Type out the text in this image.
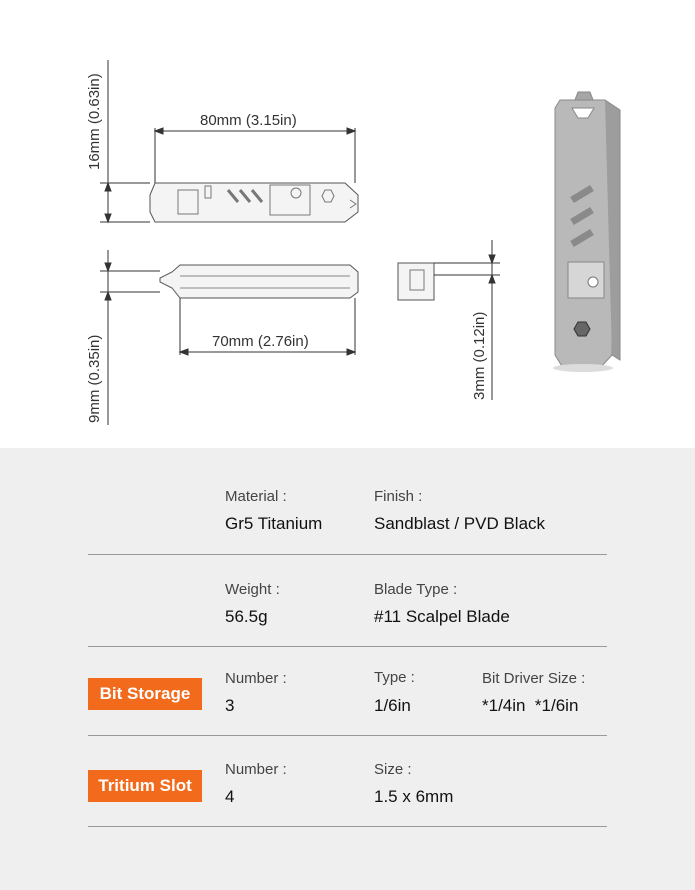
80mm (3.15in)
16mm (0.63in)
70mm (2.76in)
9mm (0.35in)	3mm (0.12in)
Material :
Gr5 Titanium
Finish :
Sandblast / PVD Black
Weight :
56.5g
Blade Type :
#11 Scalpel Blade
Bit Storage
Number :
3
Type :
1/6in
Bit Driver Size :
*1/4in  *1/6in
Tritium Slot
Number :
4
Size :
1.5 x 6mm
